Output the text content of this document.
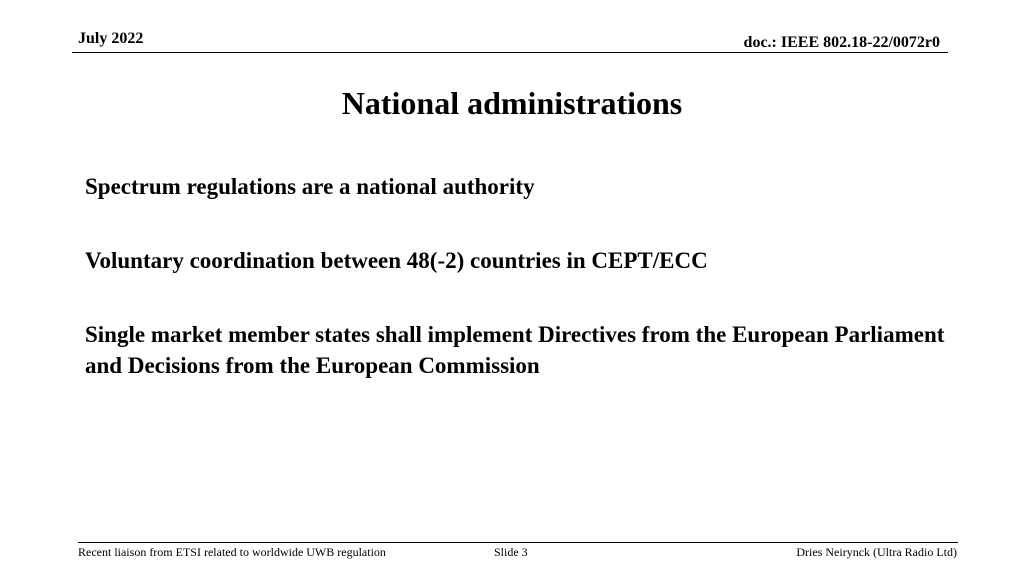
July 2022	doc.: IEEE 802.18-22/0072r0
National administrations
Spectrum regulations are a national authority
Voluntary coordination between 48(-2) countries in CEPT/ECC
Single market member states shall implement Directives from the European Parliament and Decisions from the European Commission
Recent liaison from ETSI related to worldwide UWB regulation	Slide 3	Dries Neirynck (Ultra Radio Ltd)
